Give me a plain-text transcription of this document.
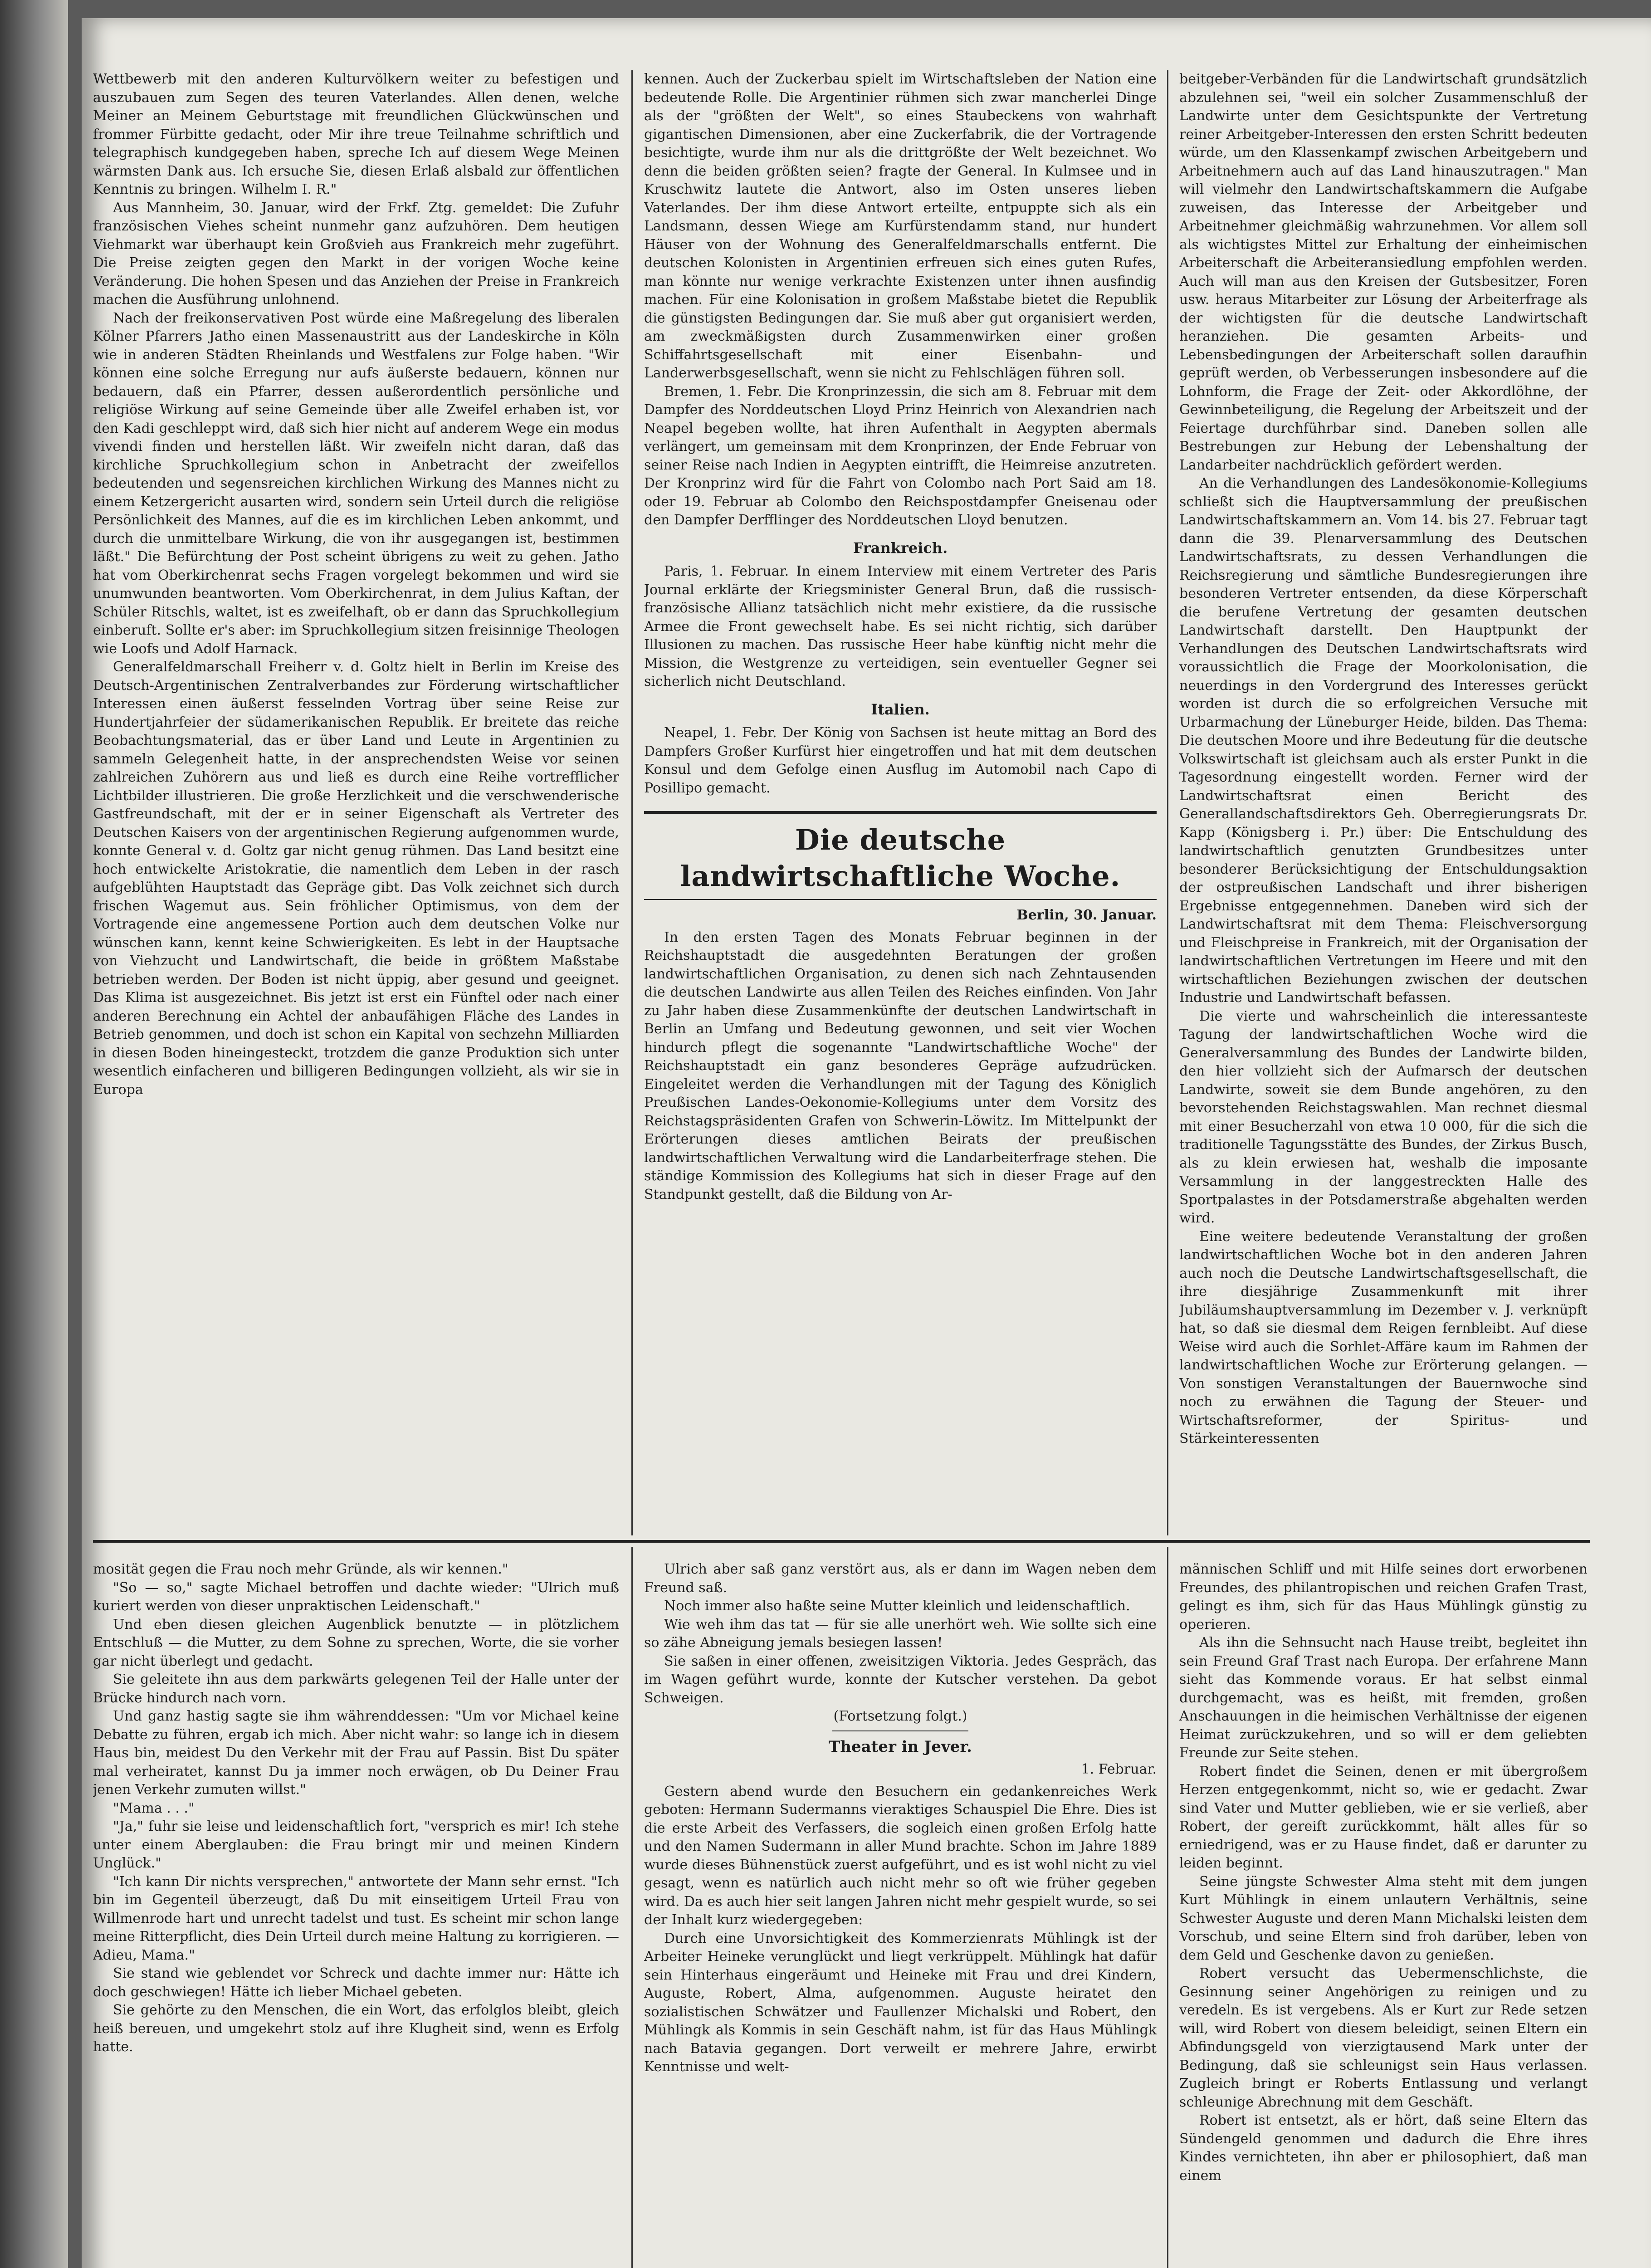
Wettbewerb mit den anderen Kulturvölkern weiter zu befestigen und auszubauen zum Segen des teuren Vaterlandes. Allen denen, welche Meiner an Meinem Geburtstage mit freundlichen Glückwünschen und frommer Fürbitte gedacht, oder Mir ihre treue Teilnahme schriftlich und telegraphisch kundgegeben haben, spreche Ich auf diesem Wege Meinen wärmsten Dank aus. Ich ersuche Sie, diesen Erlaß alsbald zur öffentlichen Kenntnis zu bringen. Wilhelm I. R."

Aus Mannheim, 30. Januar, wird der Frkf. Ztg. gemeldet: Die Zufuhr französischen Viehes scheint nunmehr ganz aufzuhören. Dem heutigen Viehmarkt war überhaupt kein Großvieh aus Frankreich mehr zugeführt. Die Preise zeigten gegen den Markt in der vorigen Woche keine Veränderung. Die hohen Spesen und das Anziehen der Preise in Frankreich machen die Ausführung unlohnend.

Nach der freikonservativen Post würde eine Maßregelung des liberalen Kölner Pfarrers Jatho einen Massenaustritt aus der Landeskirche in Köln wie in anderen Städten Rheinlands und Westfalens zur Folge haben. "Wir können eine solche Erregung nur aufs äußerste bedauern, können nur bedauern, daß ein Pfarrer, dessen außerordentlich persönliche und religiöse Wirkung auf seine Gemeinde über alle Zweifel erhaben ist, vor den Kadi geschleppt wird, daß sich hier nicht auf anderem Wege ein modus vivendi finden und herstellen läßt. Wir zweifeln nicht daran, daß das kirchliche Spruchkollegium schon in Anbetracht der zweifellos bedeutenden und segensreichen kirchlichen Wirkung des Mannes nicht zu einem Ketzergericht ausarten wird, sondern sein Urteil durch die religiöse Persönlichkeit des Mannes, auf die es im kirchlichen Leben ankommt, und durch die unmittelbare Wirkung, die von ihr ausgegangen ist, bestimmen läßt." Die Befürchtung der Post scheint übrigens zu weit zu gehen. Jatho hat vom Oberkirchenrat sechs Fragen vorgelegt bekommen und wird sie unumwunden beantworten. Vom Oberkirchenrat, in dem Julius Kaftan, der Schüler Ritschls, waltet, ist es zweifelhaft, ob er dann das Spruchkollegium einberuft. Sollte er's aber: im Spruchkollegium sitzen freisinnige Theologen wie Loofs und Adolf Harnack.

Generalfeldmarschall Freiherr v. d. Goltz hielt in Berlin im Kreise des Deutsch-Argentinischen Zentralverbandes zur Förderung wirtschaftlicher Interessen einen äußerst fesselnden Vortrag über seine Reise zur Hundertjahrfeier der südamerikanischen Republik. Er breitete das reiche Beobachtungsmaterial, das er über Land und Leute in Argentinien zu sammeln Gelegenheit hatte, in der ansprechendsten Weise vor seinen zahlreichen Zuhörern aus und ließ es durch eine Reihe vortrefflicher Lichtbilder illustrieren. Die große Herzlichkeit und die verschwenderische Gastfreundschaft, mit der er in seiner Eigenschaft als Vertreter des Deutschen Kaisers von der argentinischen Regierung aufgenommen wurde, konnte General v. d. Goltz gar nicht genug rühmen. Das Land besitzt eine hoch entwickelte Aristokratie, die namentlich dem Leben in der rasch aufgeblühten Hauptstadt das Gepräge gibt. Das Volk zeichnet sich durch frischen Wagemut aus. Sein fröhlicher Optimismus, von dem der Vortragende eine angemessene Portion auch dem deutschen Volke nur wünschen kann, kennt keine Schwierigkeiten. Es lebt in der Hauptsache von Viehzucht und Landwirtschaft, die beide in größtem Maßstabe betrieben werden. Der Boden ist nicht üppig, aber gesund und geeignet. Das Klima ist ausgezeichnet. Bis jetzt ist erst ein Fünftel oder nach einer anderen Berechnung ein Achtel der anbaufähigen Fläche des Landes in Betrieb genommen, und doch ist schon ein Kapital von sechzehn Milliarden in diesen Boden hineingesteckt, trotzdem die ganze Produktion sich unter wesentlich einfacheren und billigeren Bedingungen vollzieht, als wir sie in Europa

kennen. Auch der Zuckerbau spielt im Wirtschaftsleben der Nation eine bedeutende Rolle. Die Argentinier rühmen sich zwar mancherlei Dinge als der "größten der Welt", so eines Staubeckens von wahrhaft gigantischen Dimensionen, aber eine Zuckerfabrik, die der Vortragende besichtigte, wurde ihm nur als die drittgrößte der Welt bezeichnet. Wo denn die beiden größten seien? fragte der General. In Kulmsee und in Kruschwitz lautete die Antwort, also im Osten unseres lieben Vaterlandes. Der ihm diese Antwort erteilte, entpuppte sich als ein Landsmann, dessen Wiege am Kurfürstendamm stand, nur hundert Häuser von der Wohnung des Generalfeldmarschalls entfernt. Die deutschen Kolonisten in Argentinien erfreuen sich eines guten Rufes, man könnte nur wenige verkrachte Existenzen unter ihnen ausfindig machen. Für eine Kolonisation in großem Maßstabe bietet die Republik die günstigsten Bedingungen dar. Sie muß aber gut organisiert werden, am zweckmäßigsten durch Zusammenwirken einer großen Schiffahrtsgesellschaft mit einer Eisenbahn- und Landerwerbsgesellschaft, wenn sie nicht zu Fehlschlägen führen soll.

Bremen, 1. Febr. Die Kronprinzessin, die sich am 8. Februar mit dem Dampfer des Norddeutschen Lloyd Prinz Heinrich von Alexandrien nach Neapel begeben wollte, hat ihren Aufenthalt in Aegypten abermals verlängert, um gemeinsam mit dem Kronprinzen, der Ende Februar von seiner Reise nach Indien in Aegypten eintrifft, die Heimreise anzutreten. Der Kronprinz wird für die Fahrt von Colombo nach Port Said am 18. oder 19. Februar ab Colombo den Reichspostdampfer Gneisenau oder den Dampfer Derfflinger des Norddeutschen Lloyd benutzen.

Frankreich.

Paris, 1. Februar. In einem Interview mit einem Vertreter des Paris Journal erklärte der Kriegsminister General Brun, daß die russisch-französische Allianz tatsächlich nicht mehr existiere, da die russische Armee die Front gewechselt habe. Es sei nicht richtig, sich darüber Illusionen zu machen. Das russische Heer habe künftig nicht mehr die Mission, die Westgrenze zu verteidigen, sein eventueller Gegner sei sicherlich nicht Deutschland.

Italien.

Neapel, 1. Febr. Der König von Sachsen ist heute mittag an Bord des Dampfers Großer Kurfürst hier eingetroffen und hat mit dem deutschen Konsul und dem Gefolge einen Ausflug im Automobil nach Capo di Posillipo gemacht.

Die deutsche landwirtschaftliche Woche.
Berlin, 30. Januar.

In den ersten Tagen des Monats Februar beginnen in der Reichshauptstadt die ausgedehnten Beratungen der großen landwirtschaftlichen Organisation, zu denen sich nach Zehntausenden die deutschen Landwirte aus allen Teilen des Reiches einfinden. Von Jahr zu Jahr haben diese Zusammenkünfte der deutschen Landwirtschaft in Berlin an Umfang und Bedeutung gewonnen, und seit vier Wochen hindurch pflegt die sogenannte "Landwirtschaftliche Woche" der Reichshauptstadt ein ganz besonderes Gepräge aufzudrücken. Eingeleitet werden die Verhandlungen mit der Tagung des Königlich Preußischen Landes-Oekonomie-Kollegiums unter dem Vorsitz des Reichstagspräsidenten Grafen von Schwerin-Löwitz. Im Mittelpunkt der Erörterungen dieses amtlichen Beirats der preußischen landwirtschaftlichen Verwaltung wird die Landarbeiterfrage stehen. Die ständige Kommission des Kollegiums hat sich in dieser Frage auf den Standpunkt gestellt, daß die Bildung von Ar-

beitgeber-Verbänden für die Landwirtschaft grundsätzlich abzulehnen sei, "weil ein solcher Zusammenschluß der Landwirte unter dem Gesichtspunkte der Vertretung reiner Arbeitgeber-Interessen den ersten Schritt bedeuten würde, um den Klassenkampf zwischen Arbeitgebern und Arbeitnehmern auch auf das Land hinauszutragen." Man will vielmehr den Landwirtschaftskammern die Aufgabe zuweisen, das Interesse der Arbeitgeber und Arbeitnehmer gleichmäßig wahrzunehmen. Vor allem soll als wichtigstes Mittel zur Erhaltung der einheimischen Arbeiterschaft die Arbeiteransiedlung empfohlen werden. Auch will man aus den Kreisen der Gutsbesitzer, Foren usw. heraus Mitarbeiter zur Lösung der Arbeiterfrage als der wichtigsten für die deutsche Landwirtschaft heranziehen. Die gesamten Arbeits- und Lebensbedingungen der Arbeiterschaft sollen daraufhin geprüft werden, ob Verbesserungen insbesondere auf die Lohnform, die Frage der Zeit- oder Akkordlöhne, der Gewinnbeteiligung, die Regelung der Arbeitszeit und der Feiertage durchführbar sind. Daneben sollen alle Bestrebungen zur Hebung der Lebenshaltung der Landarbeiter nachdrücklich gefördert werden.

An die Verhandlungen des Landesökonomie-Kollegiums schließt sich die Hauptversammlung der preußischen Landwirtschaftskammern an. Vom 14. bis 27. Februar tagt dann die 39. Plenarversammlung des Deutschen Landwirtschaftsrats, zu dessen Verhandlungen die Reichsregierung und sämtliche Bundesregierungen ihre besonderen Vertreter entsenden, da diese Körperschaft die berufene Vertretung der gesamten deutschen Landwirtschaft darstellt. Den Hauptpunkt der Verhandlungen des Deutschen Landwirtschaftsrats wird voraussichtlich die Frage der Moorkolonisation, die neuerdings in den Vordergrund des Interesses gerückt worden ist durch die so erfolgreichen Versuche mit Urbarmachung der Lüneburger Heide, bilden. Das Thema: Die deutschen Moore und ihre Bedeutung für die deutsche Volkswirtschaft ist gleichsam auch als erster Punkt in die Tagesordnung eingestellt worden. Ferner wird der Landwirtschaftsrat einen Bericht des Generallandschaftsdirektors Geh. Oberregierungsrats Dr. Kapp (Königsberg i. Pr.) über: Die Entschuldung des landwirtschaftlich genutzten Grundbesitzes unter besonderer Berücksichtigung der Entschuldungsaktion der ostpreußischen Landschaft und ihrer bisherigen Ergebnisse entgegennehmen. Daneben wird sich der Landwirtschaftsrat mit dem Thema: Fleischversorgung und Fleischpreise in Frankreich, mit der Organisation der landwirtschaftlichen Vertretungen im Heere und mit den wirtschaftlichen Beziehungen zwischen der deutschen Industrie und Landwirtschaft befassen.

Die vierte und wahrscheinlich die interessanteste Tagung der landwirtschaftlichen Woche wird die Generalversammlung des Bundes der Landwirte bilden, den hier vollzieht sich der Aufmarsch der deutschen Landwirte, soweit sie dem Bunde angehören, zu den bevorstehenden Reichstagswahlen. Man rechnet diesmal mit einer Besucherzahl von etwa 10 000, für die sich die traditionelle Tagungsstätte des Bundes, der Zirkus Busch, als zu klein erwiesen hat, weshalb die imposante Versammlung in der langgestreckten Halle des Sportpalastes in der Potsdamerstraße abgehalten werden wird.

Eine weitere bedeutende Veranstaltung der großen landwirtschaftlichen Woche bot in den anderen Jahren auch noch die Deutsche Landwirtschaftsgesellschaft, die ihre diesjährige Zusammenkunft mit ihrer Jubiläumshauptversammlung im Dezember v. J. verknüpft hat, so daß sie diesmal dem Reigen fernbleibt. Auf diese Weise wird auch die Sorhlet-Affäre kaum im Rahmen der landwirtschaftlichen Woche zur Erörterung gelangen. — Von sonstigen Veranstaltungen der Bauernwoche sind noch zu erwähnen die Tagung der Steuer- und Wirtschaftsreformer, der Spiritus- und Stärkeinteressenten

mosität gegen die Frau noch mehr Gründe, als wir kennen."

"So — so," sagte Michael betroffen und dachte wieder: "Ulrich muß kuriert werden von dieser unpraktischen Leidenschaft."

Und eben diesen gleichen Augenblick benutzte — in plötzlichem Entschluß — die Mutter, zu dem Sohne zu sprechen, Worte, die sie vorher gar nicht überlegt und gedacht.

Sie geleitete ihn aus dem parkwärts gelegenen Teil der Halle unter der Brücke hindurch nach vorn.

Und ganz hastig sagte sie ihm währenddessen: "Um vor Michael keine Debatte zu führen, ergab ich mich. Aber nicht wahr: so lange ich in diesem Haus bin, meidest Du den Verkehr mit der Frau auf Passin. Bist Du später mal verheiratet, kannst Du ja immer noch erwägen, ob Du Deiner Frau jenen Verkehr zumuten willst."

"Mama . . ."

"Ja," fuhr sie leise und leidenschaftlich fort, "versprich es mir! Ich stehe unter einem Aberglauben: die Frau bringt mir und meinen Kindern Unglück."

"Ich kann Dir nichts versprechen," antwortete der Mann sehr ernst. "Ich bin im Gegenteil überzeugt, daß Du mit einseitigem Urteil Frau von Willmenrode hart und unrecht tadelst und tust. Es scheint mir schon lange meine Ritterpflicht, dies Dein Urteil durch meine Haltung zu korrigieren. — Adieu, Mama."

Sie stand wie geblendet vor Schreck und dachte immer nur: Hätte ich doch geschwiegen! Hätte ich lieber Michael gebeten.

Sie gehörte zu den Menschen, die ein Wort, das erfolglos bleibt, gleich heiß bereuen, und umgekehrt stolz auf ihre Klugheit sind, wenn es Erfolg hatte.

Ulrich aber saß ganz verstört aus, als er dann im Wagen neben dem Freund saß.

Noch immer also haßte seine Mutter kleinlich und leidenschaftlich.

Wie weh ihm das tat — für sie alle unerhört weh. Wie sollte sich eine so zähe Abneigung jemals besiegen lassen!

Sie saßen in einer offenen, zweisitzigen Viktoria. Jedes Gespräch, das im Wagen geführt wurde, konnte der Kutscher verstehen. Da gebot Schweigen.

(Fortsetzung folgt.)

Theater in Jever.
1. Februar.

Gestern abend wurde den Besuchern ein gedankenreiches Werk geboten: Hermann Sudermanns vieraktiges Schauspiel Die Ehre. Dies ist die erste Arbeit des Verfassers, die sogleich einen großen Erfolg hatte und den Namen Sudermann in aller Mund brachte. Schon im Jahre 1889 wurde dieses Bühnenstück zuerst aufgeführt, und es ist wohl nicht zu viel gesagt, wenn es natürlich auch nicht mehr so oft wie früher gegeben wird. Da es auch hier seit langen Jahren nicht mehr gespielt wurde, so sei der Inhalt kurz wiedergegeben:

Durch eine Unvorsichtigkeit des Kommerzienrats Mühlingk ist der Arbeiter Heineke verunglückt und liegt verkrüppelt. Mühlingk hat dafür sein Hinterhaus eingeräumt und Heineke mit Frau und drei Kindern, Auguste, Robert, Alma, aufgenommen. Auguste heiratet den sozialistischen Schwätzer und Faullenzer Michalski und Robert, den Mühlingk als Kommis in sein Geschäft nahm, ist für das Haus Mühlingk nach Batavia gegangen. Dort verweilt er mehrere Jahre, erwirbt Kenntnisse und welt-

männischen Schliff und mit Hilfe seines dort erworbenen Freundes, des philantropischen und reichen Grafen Trast, gelingt es ihm, sich für das Haus Mühlingk günstig zu operieren.

Als ihn die Sehnsucht nach Hause treibt, begleitet ihn sein Freund Graf Trast nach Europa. Der erfahrene Mann sieht das Kommende voraus. Er hat selbst einmal durchgemacht, was es heißt, mit fremden, großen Anschauungen in die heimischen Verhältnisse der eigenen Heimat zurückzukehren, und so will er dem geliebten Freunde zur Seite stehen.

Robert findet die Seinen, denen er mit übergroßem Herzen entgegenkommt, nicht so, wie er gedacht. Zwar sind Vater und Mutter geblieben, wie er sie verließ, aber Robert, der gereift zurückkommt, hält alles für so erniedrigend, was er zu Hause findet, daß er darunter zu leiden beginnt.

Seine jüngste Schwester Alma steht mit dem jungen Kurt Mühlingk in einem unlautern Verhältnis, seine Schwester Auguste und deren Mann Michalski leisten dem Vorschub, und seine Eltern sind froh darüber, leben von dem Geld und Geschenke davon zu genießen.

Robert versucht das Uebermenschlichste, die Gesinnung seiner Angehörigen zu reinigen und zu veredeln. Es ist vergebens. Als er Kurt zur Rede setzen will, wird Robert von diesem beleidigt, seinen Eltern ein Abfindungsgeld von vierzigtausend Mark unter der Bedingung, daß sie schleunigst sein Haus verlassen. Zugleich bringt er Roberts Entlassung und verlangt schleunige Abrechnung mit dem Geschäft.

Robert ist entsetzt, als er hört, daß seine Eltern das Sündengeld genommen und dadurch die Ehre ihres Kindes vernichteten, ihn aber er philosophiert, daß man einem
